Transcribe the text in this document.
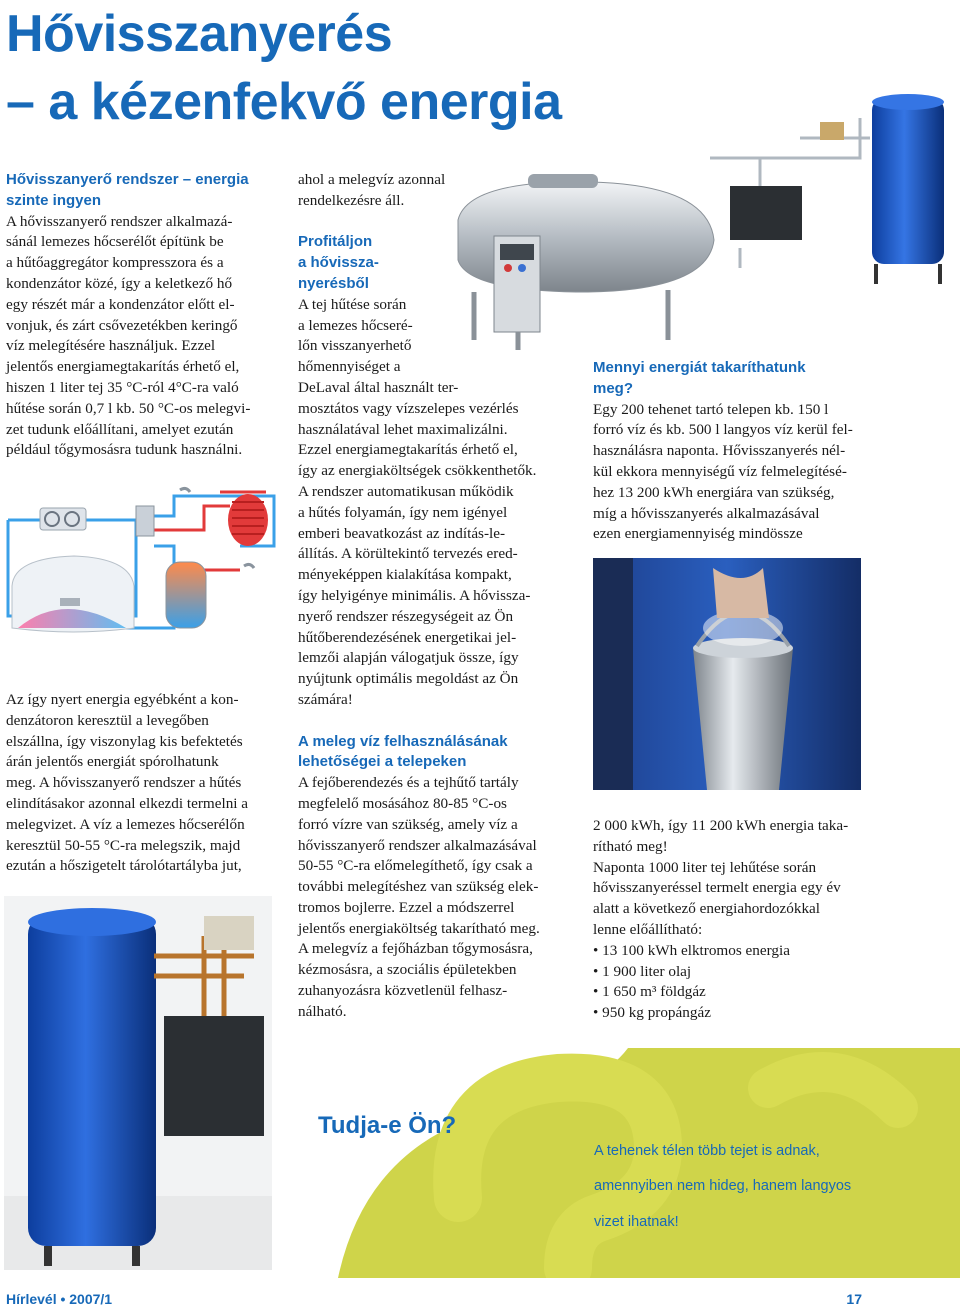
Hővisszanyerés
– a kézenfekvő energia

Hővisszanyerő rendszer – energia

szinte ingyen

A hővisszanyerő rendszer alkalmazá-

sánál lemezes hőcserélőt építünk be

a hűtőaggregátor kompresszora és a

kondenzátor közé, így a keletkező hő

egy részét már a kondenzátor előtt el-

vonjuk, és zárt csővezetékben keringő

víz melegítésére használjuk. Ezzel

jelentős energiamegtakarítás érhető el,

hiszen 1 liter tej 35 °C-ról 4°C-ra való

hűtése során 0,7 l kb. 50 °C-os melegvi-

zet tudunk előállítani, amelyet ezután

például tőgymosásra tudunk használni.

Az így nyert energia egyébként a kon-

denzátoron keresztül a levegőben

elszállna, így viszonylag kis befektetés

árán jelentős energiát spórolhatunk

meg. A hővisszanyerő rendszer a hűtés

elindításakor azonnal elkezdi termelni a

melegvizet. A víz a lemezes hőcserélőn

keresztül 50-55 °C-ra melegszik, majd

ezután a hőszigetelt tárolótartályba jut,

ahol a melegvíz azonnal

rendelkezésre áll.

Profitáljon

a hővissza-

nyerésből

A tej hűtése során

a lemezes hőcseré-

lőn visszanyerhető

hőmennyiséget a

DeLaval által használt ter-

mosztátos vagy vízszelepes vezérlés

használatával lehet maximalizálni.

Ezzel energiamegtakarítás érhető el,

így az energiaköltségek csökkenthetők.

A rendszer automatikusan működik

a hűtés folyamán, így nem igényel

emberi beavatkozást az indítás-le-

állítás. A körültekintő tervezés ered-

ményeképpen kialakítása kompakt,

így helyigénye minimális. A hővissza-

nyerő rendszer részegységeit az Ön

hűtőberendezésének energetikai jel-

lemzői alapján válogatjuk össze, így

nyújtunk optimális megoldást az Ön

számára!

A meleg víz felhasználásának

lehetőségei a telepeken

A fejőberendezés és a tejhűtő tartály

megfelelő mosásához 80-85 °C-os

forró vízre van szükség, amely víz a

hővisszanyerő rendszer alkalmazásával

50-55 °C-ra előmelegíthető, így csak a

további melegítéshez van szükség elek-

tromos bojlerre. Ezzel a módszerrel

jelentős energiaköltség takarítható meg.

A melegvíz a fejőházban tőgymosásra,

kézmosásra, a szociális épületekben

zuhanyozásra közvetlenül felhasz-

nálható.

Mennyi energiát takaríthatunk

meg?

Egy 200 tehenet tartó telepen kb. 150 l

forró víz és kb. 500 l langyos víz kerül fel-

használásra naponta. Hővisszanyerés nél-

kül ekkora mennyiségű víz felmelegítésé-

hez 13 200 kWh energiára van szükség,

míg a hővisszanyerés alkalmazásával

ezen energiamennyiség mindössze

2 000 kWh, így 11 200 kWh energia taka-

rítható meg!

Naponta 1000 liter tej lehűtése során

hővisszanyeréssel termelt energia egy év

alatt a következő energiahordozókkal

lenne előállítható:

• 13 100 kWh elktromos energia
• 1 900 liter olaj
• 1 650 m³ földgáz
• 950 kg propángáz
Tudja-e Ön?

A tehenek télen több tejet is adnak,

amennyiben nem hideg, hanem langyos

vizet ihatnak!

Hírlevél • 2007/1	17
